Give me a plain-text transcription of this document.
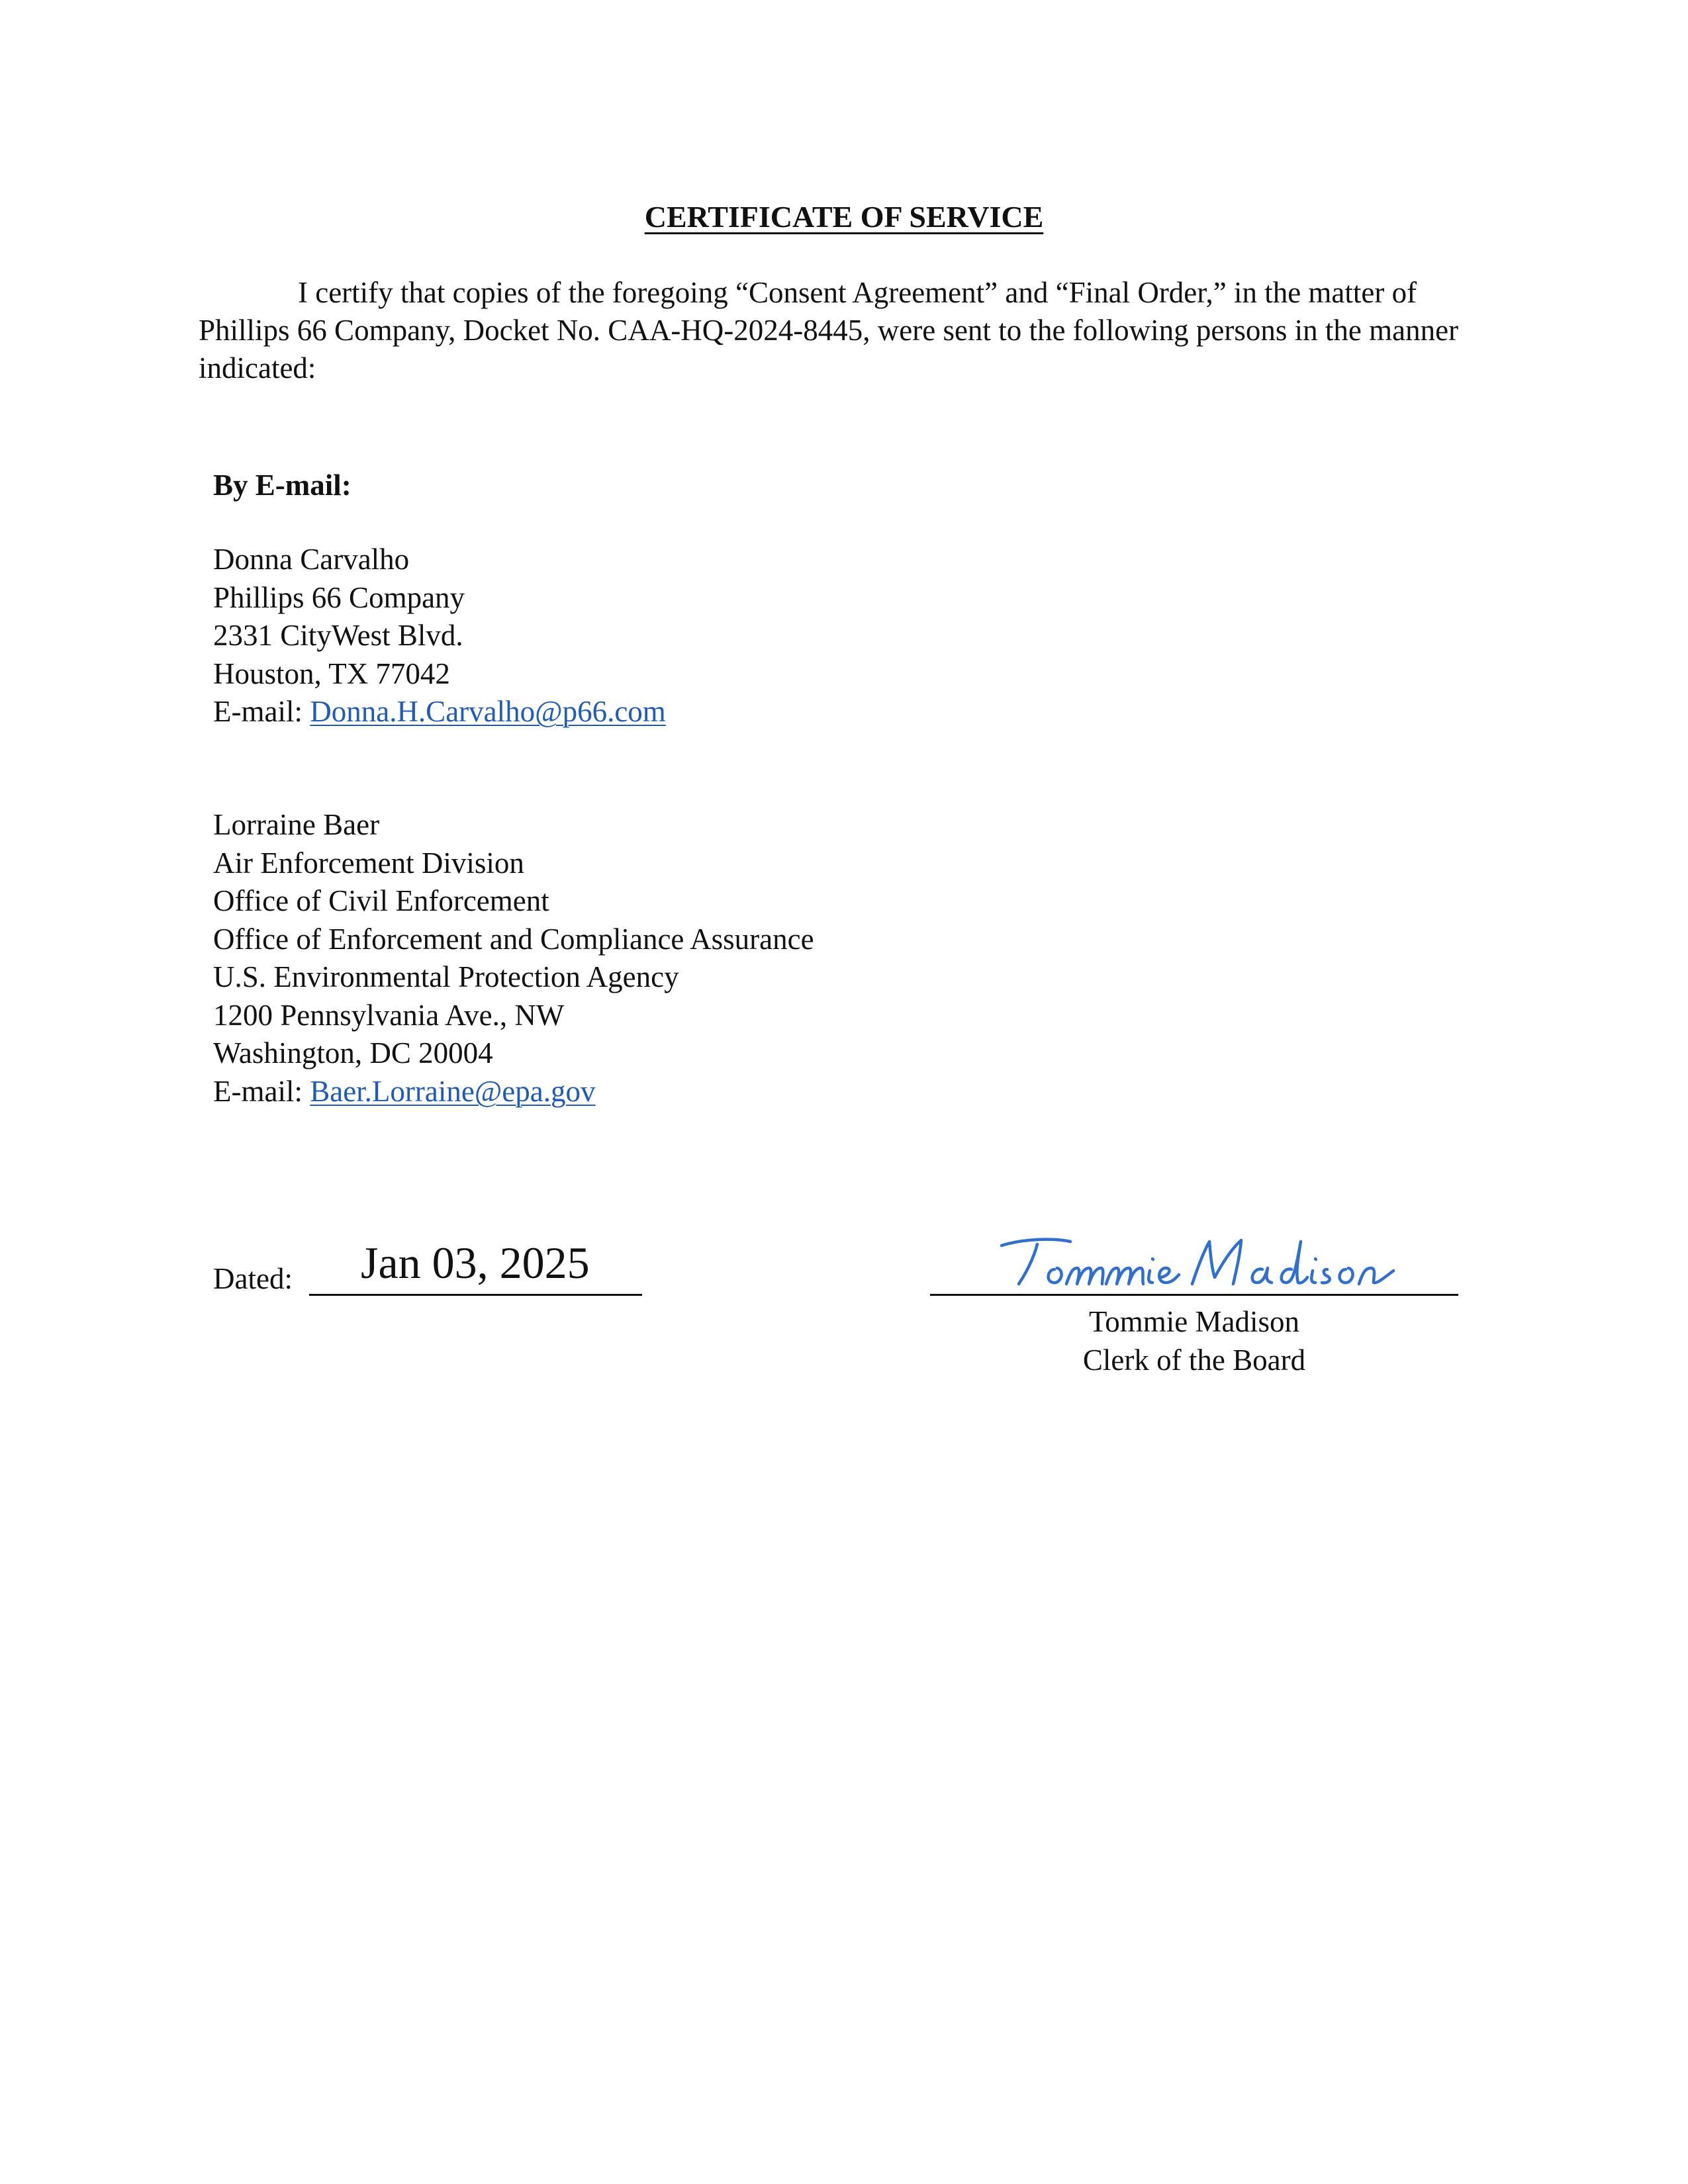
CERTIFICATE OF SERVICE

I certify that copies of the foregoing “Consent Agreement” and “Final Order,” in the matter of Phillips 66 Company, Docket No. CAA-HQ-2024-8445, were sent to the following persons in the manner indicated:

By E-mail:
Donna Carvalho
Phillips 66 Company
2331 CityWest Blvd.
Houston, TX 77042
E-mail: Donna.H.Carvalho@p66.com
Lorraine Baer
Air Enforcement Division
Office of Civil Enforcement
Office of Enforcement and Compliance Assurance
U.S. Environmental Protection Agency
1200 Pennsylvania Ave., NW
Washington, DC 20004
E-mail: Baer.Lorraine@epa.gov
Dated: Jan 03, 2025
Tommie Madison
Clerk of the Board
